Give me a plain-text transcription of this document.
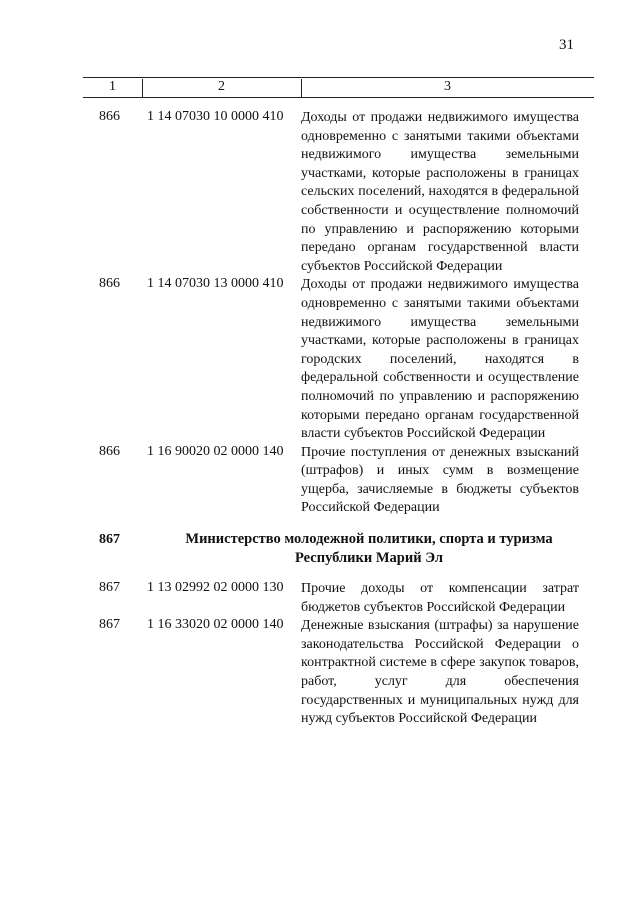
31
1	2	3
866	1 14 07030 10 0000 410	Доходы от продажи недвижимого имущества одновременно с занятыми такими объектами недвижимого имущества земельными участками, которые расположены в границах сельских поселений, находятся в федеральной собственности и осуществление полномочий по управлению и распоряжению которыми передано органам государственной власти субъектов Российской Федерации
866	1 14 07030 13 0000 410	Доходы от продажи недвижимого имущества одновременно с занятыми такими объектами недвижимого имущества земельными участками, которые расположены в границах городских поселений, находятся в федеральной собственности и осуществление полномочий по управлению и распоряжению которыми передано органам государственной власти субъектов Российской Федерации
866	1 16 90020 02 0000 140	Прочие поступления от денежных взысканий (штрафов) и иных сумм в возмещение ущерба, зачисляемые в бюджеты субъектов Российской Федерации
867	Министерство молодежной политики, спорта и туризма Республики Марий Эл
867	1 13 02992 02 0000 130	Прочие доходы от компенсации затрат бюджетов субъектов Российской Федерации
867	1 16 33020 02 0000 140	Денежные взыскания (штрафы) за нарушение законодательства Российской Федерации о контрактной системе в сфере закупок товаров, работ, услуг для обеспечения государственных и муниципальных нужд для нужд субъектов Российской Федерации
